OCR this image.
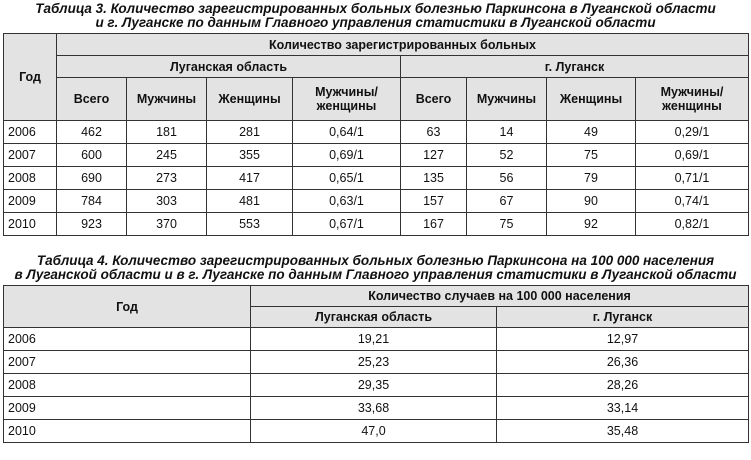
Таблица 3. Количество зарегистрированных больных болезнью Паркинсона в Луганской области
и г. Луганске по данным Главного управления статистики в Луганской области
Год	Количество зарегистрированных больных							
	Луганская область				г. Луганск			
	Всего	Мужчины	Женщины	Мужчины/ женщины	Всего	Мужчины	Женщины	Мужчины/ женщины
2006	462	181	281	0,64/1	63	14	49	0,29/1
2007	600	245	355	0,69/1	127	52	75	0,69/1
2008	690	273	417	0,65/1	135	56	79	0,71/1
2009	784	303	481	0,63/1	157	67	90	0,74/1
2010	923	370	553	0,67/1	167	75	92	0,82/1
Таблица 4. Количество зарегистрированных больных болезнью Паркинсона на 100 000 населения
в Луганской области и в г. Луганске по данным Главного управления статистики в Луганской области
Год	Количество случаев на 100 000 населения	
	Луганская область	г. Луганск
2006	19,21	12,97
2007	25,23	26,36
2008	29,35	28,26
2009	33,68	33,14
2010	47,0	35,48
